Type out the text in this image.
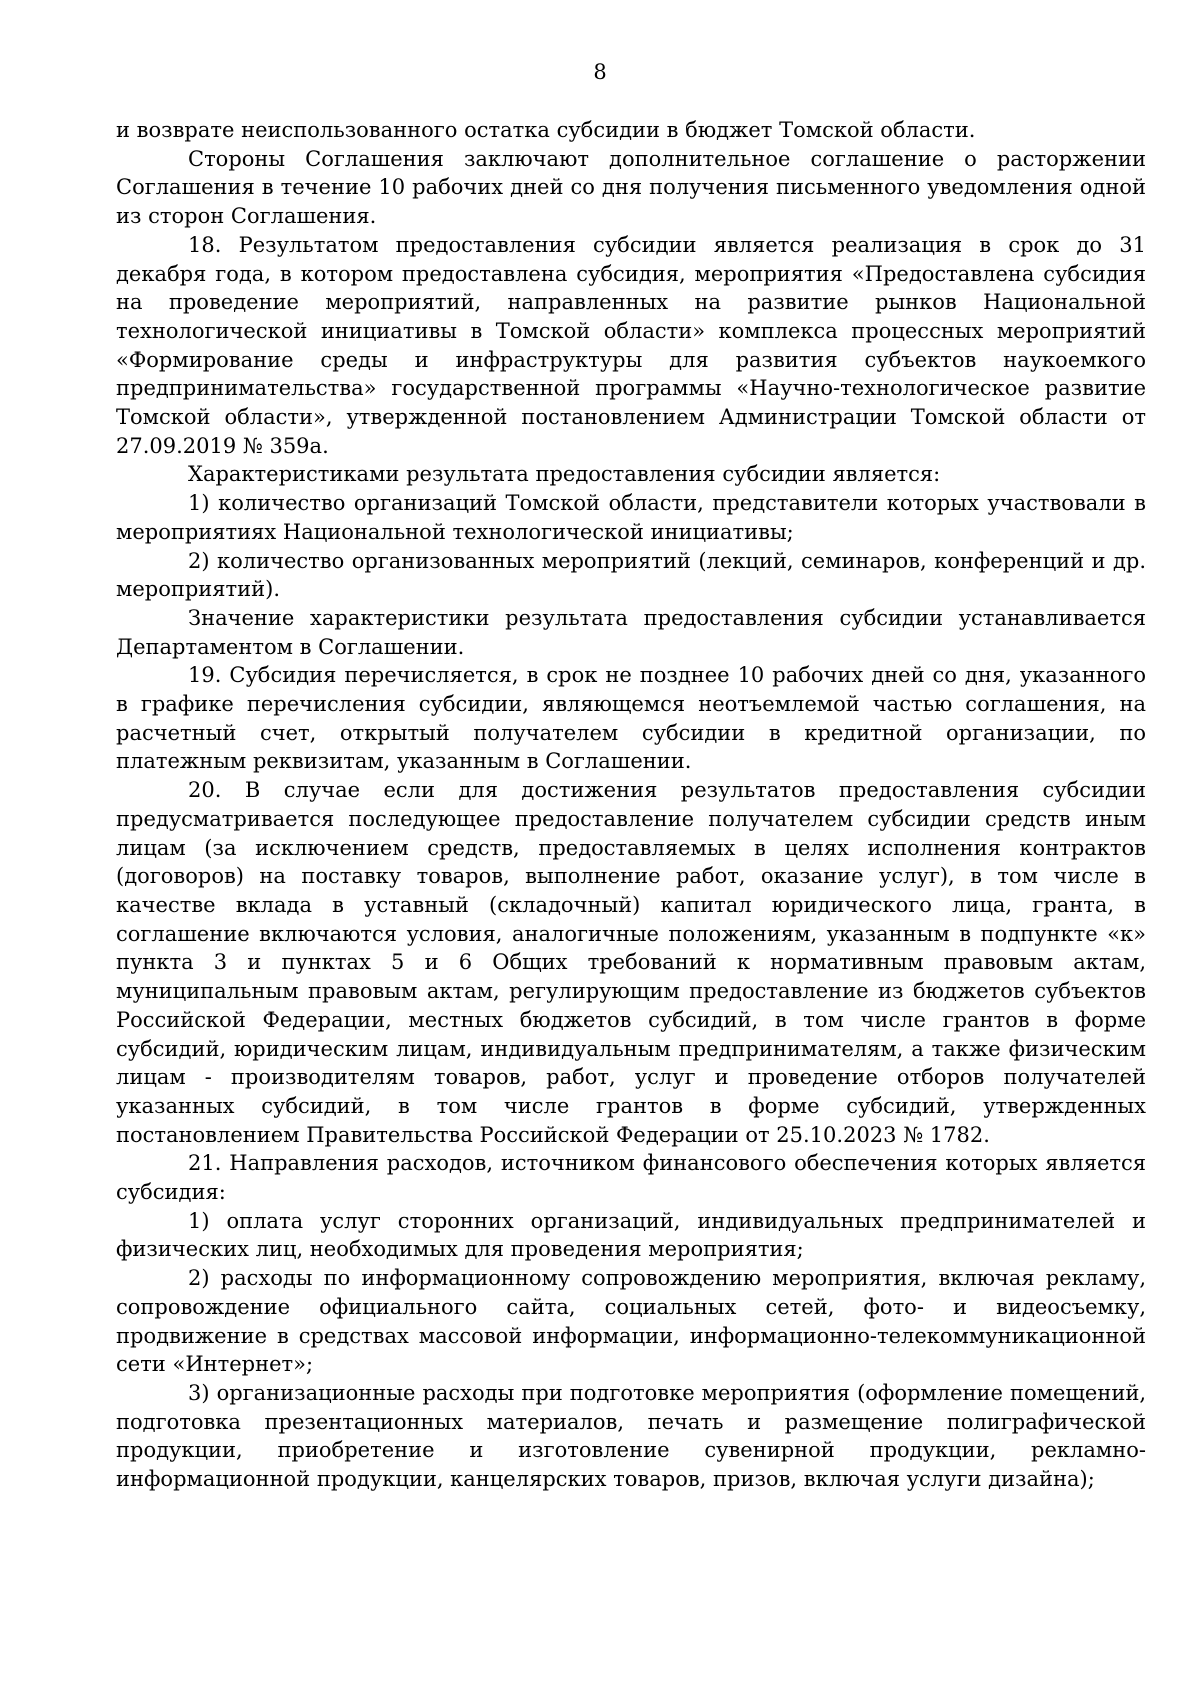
8

и возврате неиспользованного остатка субсидии в бюджет Томской области.

Стороны Соглашения заключают дополнительное соглашение о расторжении Соглашения в течение 10 рабочих дней со дня получения письменного уведомления одной из сторон Соглашения.

18. Результатом предоставления субсидии является реализация в срок до 31 декабря года, в котором предоставлена субсидия, мероприятия «Предоставлена субсидия на проведение мероприятий, направленных на развитие рынков Национальной технологической инициативы в Томской области» комплекса процессных мероприятий «Формирование среды и инфраструктуры для развития субъектов наукоемкого предпринимательства» государственной программы «Научно-технологическое развитие Томской области», утвержденной постановлением Администрации Томской области от 27.09.2019 № 359а.

Характеристиками результата предоставления субсидии является:

1) количество организаций Томской области, представители которых участвовали в мероприятиях Национальной технологической инициативы;

2) количество организованных мероприятий (лекций, семинаров, конференций и др. мероприятий).

Значение характеристики результата предоставления субсидии устанавливается Департаментом в Соглашении.

19. Субсидия перечисляется, в срок не позднее 10 рабочих дней со дня, указанного в графике перечисления субсидии, являющемся неотъемлемой частью соглашения, на расчетный счет, открытый получателем субсидии в кредитной организации, по платежным реквизитам, указанным в Соглашении.

20. В случае если для достижения результатов предоставления субсидии предусматривается последующее предоставление получателем субсидии средств иным лицам (за исключением средств, предоставляемых в целях исполнения контрактов (договоров) на поставку товаров, выполнение работ, оказание услуг), в том числе в качестве вклада в уставный (складочный) капитал юридического лица, гранта, в соглашение включаются условия, аналогичные положениям, указанным в подпункте «к» пункта 3 и пунктах 5 и 6 Общих требований к нормативным правовым актам, муниципальным правовым актам, регулирующим предоставление из бюджетов субъектов Российской Федерации, местных бюджетов субсидий, в том числе грантов в форме субсидий, юридическим лицам, индивидуальным предпринимателям, а также физическим лицам - производителям товаров, работ, услуг и проведение отборов получателей указанных субсидий, в том числе грантов в форме субсидий, утвержденных постановлением Правительства Российской Федерации от 25.10.2023 № 1782.

21. Направления расходов, источником финансового обеспечения которых является субсидия:

1) оплата услуг сторонних организаций, индивидуальных предпринимателей и физических лиц, необходимых для проведения мероприятия;

2) расходы по информационному сопровождению мероприятия, включая рекламу, сопровождение официального сайта, социальных сетей, фото- и видеосъемку, продвижение в средствах массовой информации, информационно-телекоммуникационной сети «Интернет»;

3) организационные расходы при подготовке мероприятия (оформление помещений, подготовка презентационных материалов, печать и размещение полиграфической продукции, приобретение и изготовление сувенирной продукции, рекламно-информационной продукции, канцелярских товаров, призов, включая услуги дизайна);
